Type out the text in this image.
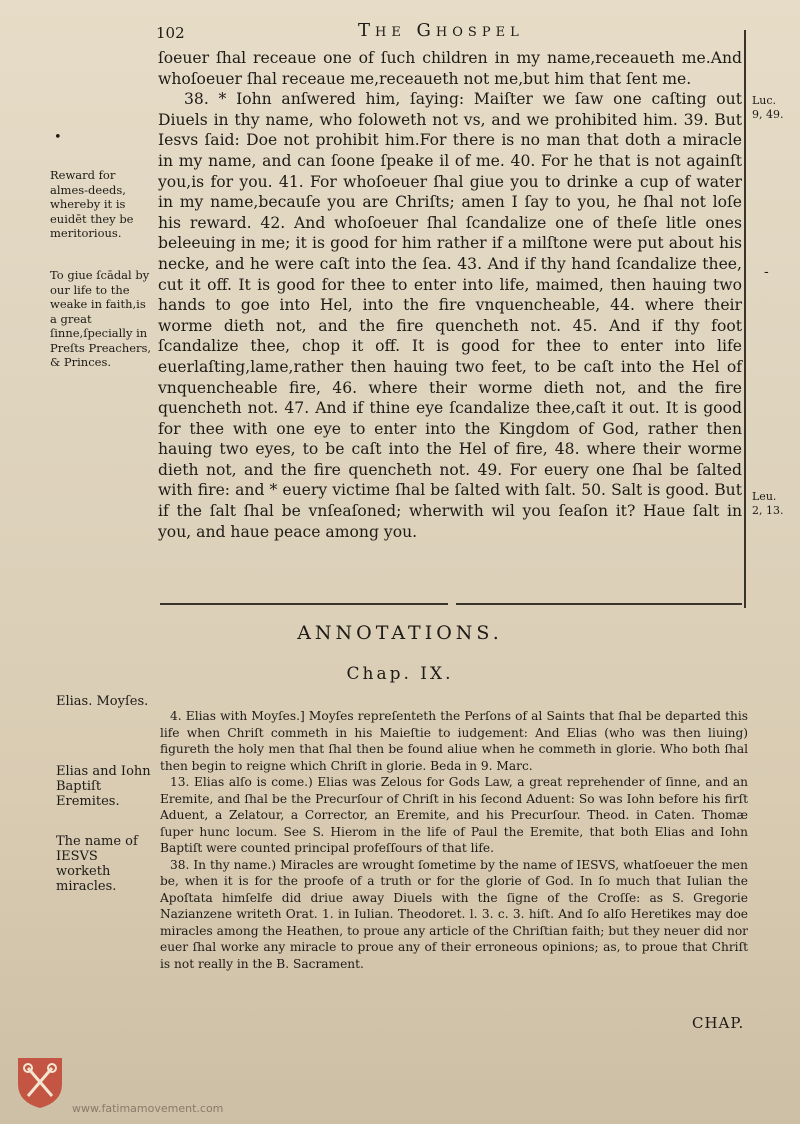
102	The Ghospel
•

ſoeuer ſhal receaue one of ſuch children in my name,receaueth me.And whoſoeuer ſhal receaue me,receaueth not me,but him that ſent me.

38. * Iohn anſwered him, ſaying: Maiſter we ſaw one caſting out Diuels in thy name, who foloweth not vs, and we prohibited him. 39. But Iesvs ſaid: Doe not prohibit him.For there is no man that doth a miracle in my name, and can ſoone ſpeake il of me. 40. For he that is not againſt you,is for you. 41. For whoſoeuer ſhal giue you to drinke a cup of water in my name,becauſe you are Chriſts; amen I ſay to you, he ſhal not loſe his reward. 42. And whoſoeuer ſhal ſcandalize one of theſe litle ones beleeuing in me; it is good for him rather if a milſtone were put about his necke, and he were caſt into the ſea. 43. And if thy hand ſcandalize thee, cut it off. It is good for thee to enter into life, maimed, then hauing two hands to goe into Hel, into the fire vnquencheable, 44. where their worme dieth not, and the fire quencheth not. 45. And if thy foot ſcandalize thee, chop it off. It is good for thee to enter into life euerlaſting,lame,rather then hauing two feet, to be caſt into the Hel of vnquencheable fire, 46. where their worme dieth not, and the fire quencheth not. 47. And if thine eye ſcandalize thee,caſt it out. It is good for thee with one eye to enter into the Kingdom of God, rather then hauing two eyes, to be caſt into the Hel of fire, 48. where their worme dieth not, and the fire quencheth not. 49. For euery one ſhal be ſalted with fire: and * euery victime ſhal be ſalted with ſalt. 50. Salt is good. But if the ſalt ſhal be vnſeaſoned; wherwith wil you ſeaſon it? Haue ſalt in you, and haue peace among you.

Reward for almes-deeds, whereby it is euidēt they be meritorious.
To giue ſcādal by our life to the weake in faith,is a great ſinne,ſpecially in Preſts Preachers, & Princes.
Luc. 9, 49.
Leu. 2, 13.
-
ANNOTATIONS.
Chap. IX.
Elias. Moyſes.
Elias and Iohn Baptiſt Eremites.
The name of IESVS worketh miracles.

4. Elias with Moyſes.] Moyſes repreſenteth the Perſons of al Saints that ſhal be departed this life when Chriſt commeth in his Maieſtie to iudgement: And Elias (who was then liuing) figureth the holy men that ſhal then be found aliue when he commeth in glorie. Who both ſhal then begin to reigne which Chriſt in glorie. Beda in 9. Marc.

13. Elias alſo is come.) Elias was Zelous for Gods Law, a great reprehender of ſinne, and an Eremite, and ſhal be the Precurſour of Chriſt in his ſecond Aduent: So was Iohn before his firſt Aduent, a Zelatour, a Corrector, an Eremite, and his Precurſour. Theod. in Caten. Thomæ ſuper hunc locum. See S. Hierom in the life of Paul the Eremite, that both Elias and Iohn Baptiſt were counted principal profeſſours of that life.

38. In thy name.) Miracles are wrought ſometime by the name of IESVS, whatſoeuer the men be, when it is for the proofe of a truth or for the glorie of God. In ſo much that Iulian the Apoſtata himſelfe did driue away Diuels with the ſigne of the Croſſe: as S. Gregorie Nazianzene writeth Orat. 1. in Iulian. Theodoret. l. 3. c. 3. hiſt. And ſo alſo Heretikes may doe miracles among the Heathen, to proue any article of the Chriſtian faith; but they neuer did nor euer ſhal worke any miracle to proue any of their erroneous opinions; as, to proue that Chriſt is not really in the B. Sacrament.

CHAP.
www.fatimamovement.com
